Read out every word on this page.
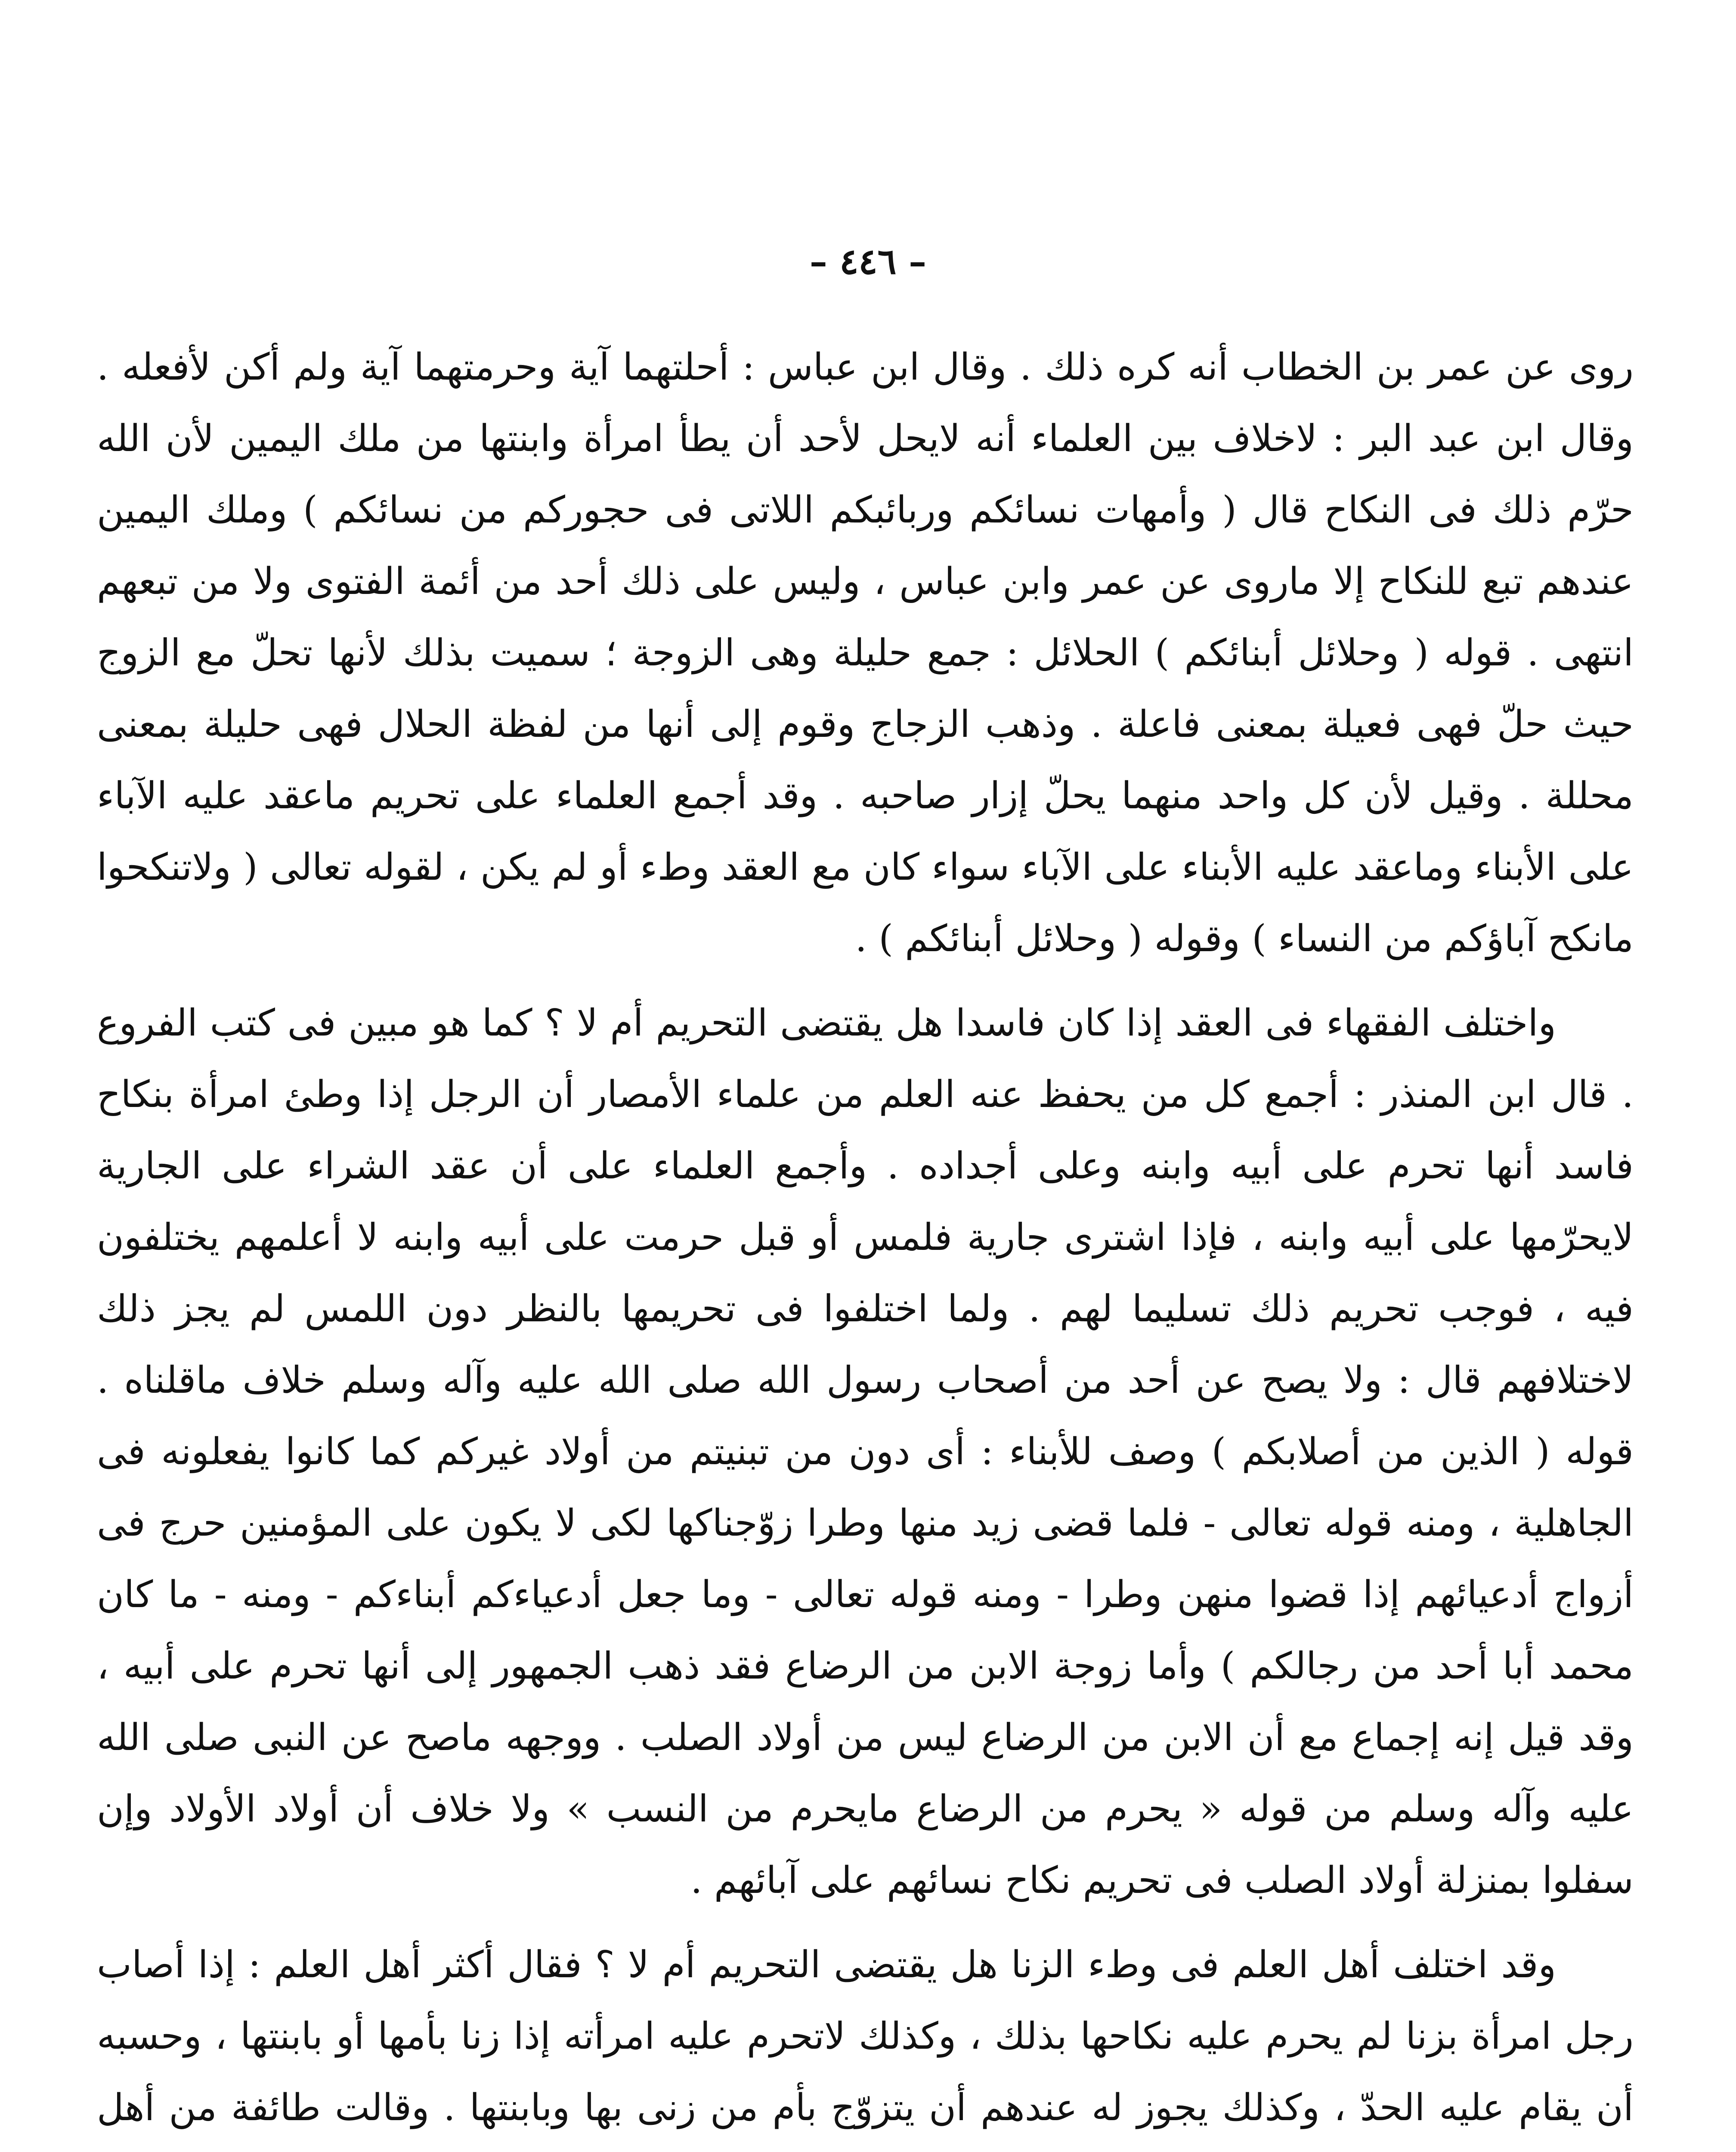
– ٤٤٦ –

روى عن عمر بن الخطاب أنه كره ذلك . وقال ابن عباس : أحلتهما آية وحرمتهما آية ولم أكن لأفعله . وقال ابن عبد البر : لاخلاف بين العلماء أنه لايحل لأحد أن يطأ امرأة وابنتها من ملك اليمين لأن الله حرّم ذلك فى النكاح قال ( وأمهات نسائكم وربائبكم اللاتى فى حجوركم من نسائكم ) وملك اليمين عندهم تبع للنكاح إلا ماروى عن عمر وابن عباس ، وليس على ذلك أحد من أئمة الفتوى ولا من تبعهم انتهى . قوله ( وحلائل أبنائكم ) الحلائل : جمع حليلة وهى الزوجة ؛ سميت بذلك لأنها تحلّ مع الزوج حيث حلّ فهى فعيلة بمعنى فاعلة . وذهب الزجاج وقوم إلى أنها من لفظة الحلال فهى حليلة بمعنى محللة . وقيل لأن كل واحد منهما يحلّ إزار صاحبه . وقد أجمع العلماء على تحريم ماعقد عليه الآباء على الأبناء وماعقد عليه الأبناء على الآباء سواء كان مع العقد وطء أو لم يكن ، لقوله تعالى ( ولاتنكحوا مانكح آباؤكم من النساء ) وقوله ( وحلائل أبنائكم ) .

واختلف الفقهاء فى العقد إذا كان فاسدا هل يقتضى التحريم أم لا ؟ كما هو مبين فى كتب الفروع . قال ابن المنذر : أجمع كل من يحفظ عنه العلم من علماء الأمصار أن الرجل إذا وطئ امرأة بنكاح فاسد أنها تحرم على أبيه وابنه وعلى أجداده . وأجمع العلماء على أن عقد الشراء على الجارية لايحرّمها على أبيه وابنه ، فإذا اشترى جارية فلمس أو قبل حرمت على أبيه وابنه لا أعلمهم يختلفون فيه ، فوجب تحريم ذلك تسليما لهم . ولما اختلفوا فى تحريمها بالنظر دون اللمس لم يجز ذلك لاختلافهم قال : ولا يصح عن أحد من أصحاب رسول الله صلى الله عليه وآله وسلم خلاف ماقلناه . قوله ( الذين من أصلابكم ) وصف للأبناء : أى دون من تبنيتم من أولاد غيركم كما كانوا يفعلونه فى الجاهلية ، ومنه قوله تعالى - فلما قضى زيد منها وطرا زوّجناكها لكى لا يكون على المؤمنين حرج فى أزواج أدعيائهم إذا قضوا منهن وطرا - ومنه قوله تعالى - وما جعل أدعياءكم أبناءكم - ومنه - ما كان محمد أبا أحد من رجالكم ) وأما زوجة الابن من الرضاع فقد ذهب الجمهور إلى أنها تحرم على أبيه ، وقد قيل إنه إجماع مع أن الابن من الرضاع ليس من أولاد الصلب . ووجهه ماصح عن النبى صلى الله عليه وآله وسلم من قوله « يحرم من الرضاع مايحرم من النسب » ولا خلاف أن أولاد الأولاد وإن سفلوا بمنزلة أولاد الصلب فى تحريم نكاح نسائهم على آبائهم .

وقد اختلف أهل العلم فى وطء الزنا هل يقتضى التحريم أم لا ؟ فقال أكثر أهل العلم : إذا أصاب رجل امرأة بزنا لم يحرم عليه نكاحها بذلك ، وكذلك لاتحرم عليه امرأته إذا زنا بأمها أو بابنتها ، وحسبه أن يقام عليه الحدّ ، وكذلك يجوز له عندهم أن يتزوّج بأم من زنى بها وبابنتها . وقالت طائفة من أهل
